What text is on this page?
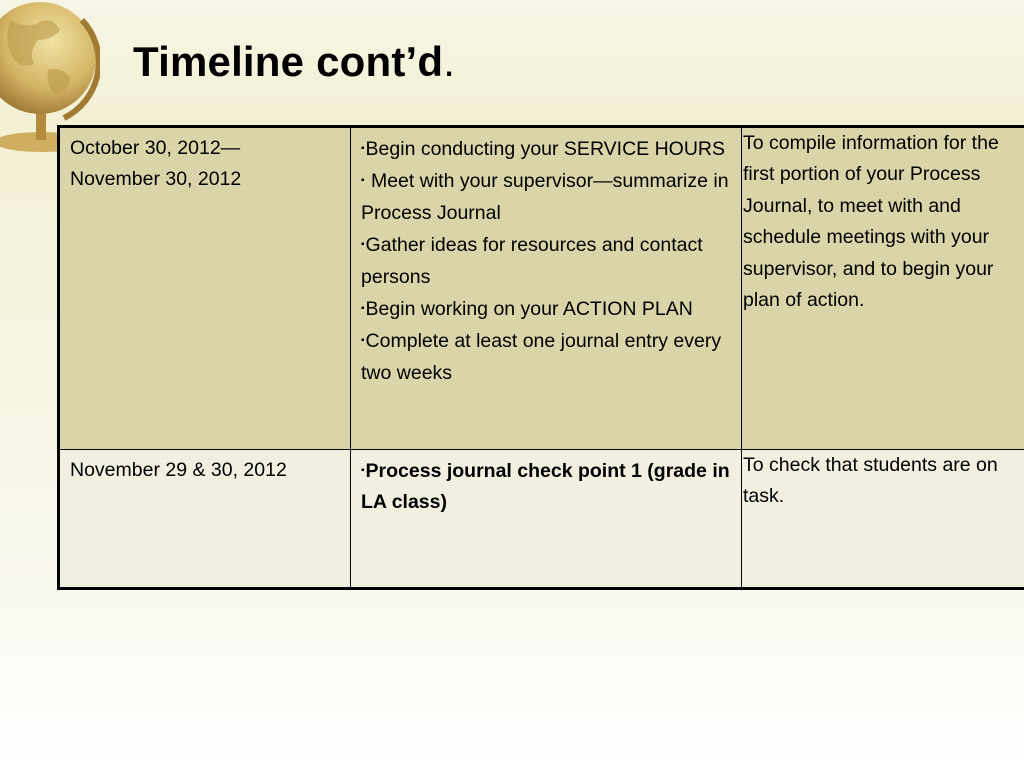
Timeline cont’d.
October 30, 2012—
November 30, 2012	▪Begin conducting your SERVICE HOURS
▪ Meet with your supervisor—summarize in Process Journal
▪Gather ideas for resources and contact persons
▪Begin working on your ACTION PLAN
▪Complete at least one journal entry every two weeks	To compile information for the first portion of your Process Journal, to meet with and schedule meetings with your supervisor, and to begin your plan of action.

November 29 & 30, 2012	▪Process journal check point 1 (grade in LA class)	To check that students are on task.
